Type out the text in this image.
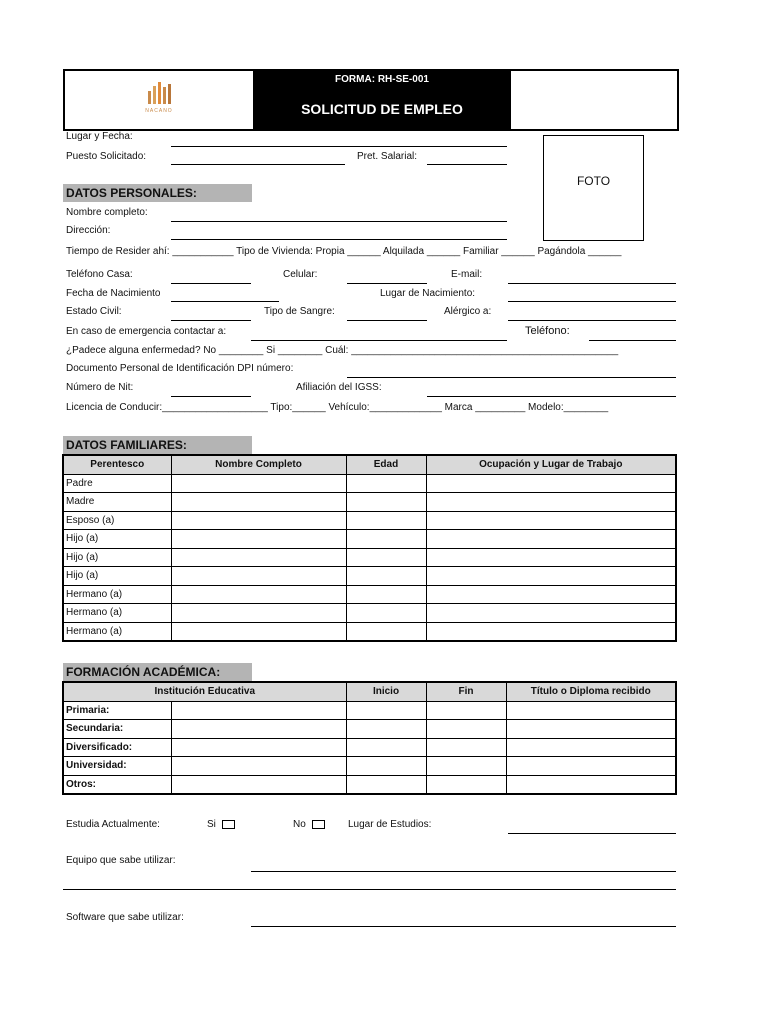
NACANO
FORMA: RH-SE-001
SOLICITUD DE EMPLEO
FOTO
Lugar y Fecha:
Puesto Solicitado:	Pret. Salarial:
DATOS PERSONALES:
Nombre completo:
Dirección:
Tiempo de Resider ahí: ___________ Tipo de Vivienda: Propia ______ Alquilada ______ Familiar ______ Pagándola ______
Teléfono Casa:	Celular:	E-mail:
Fecha de Nacimiento	Lugar de Nacimiento:
Estado Civil:	Tipo de Sangre:	Alérgico a:
En caso de emergencia contactar a:	Teléfono:
¿Padece alguna enfermedad? No ________ Si ________ Cuál: ________________________________________________
Documento Personal de Identificación DPI número:
Número de Nit:	Afiliación del IGSS:
Licencia de Conducir:___________________ Tipo:______ Vehículo:_____________ Marca _________ Modelo:________
DATOS FAMILIARES:
Perentesco	Nombre Completo	Edad	Ocupación y Lugar de Trabajo
Padre			
Madre			
Esposo (a)			
Hijo (a)			
Hijo (a)			
Hijo (a)			
Hermano (a)			
Hermano (a)			
Hermano (a)			
FORMACIÓN ACADÉMICA:
Institución Educativa		Inicio	Fin	Título o Diploma recibido
Primaria:				
Secundaria:				
Diversificado:				
Universidad:				
Otros:				
Estudia Actualmente:	Si	No	Lugar de Estudios:
Equipo que sabe utilizar:
Software que sabe utilizar:
